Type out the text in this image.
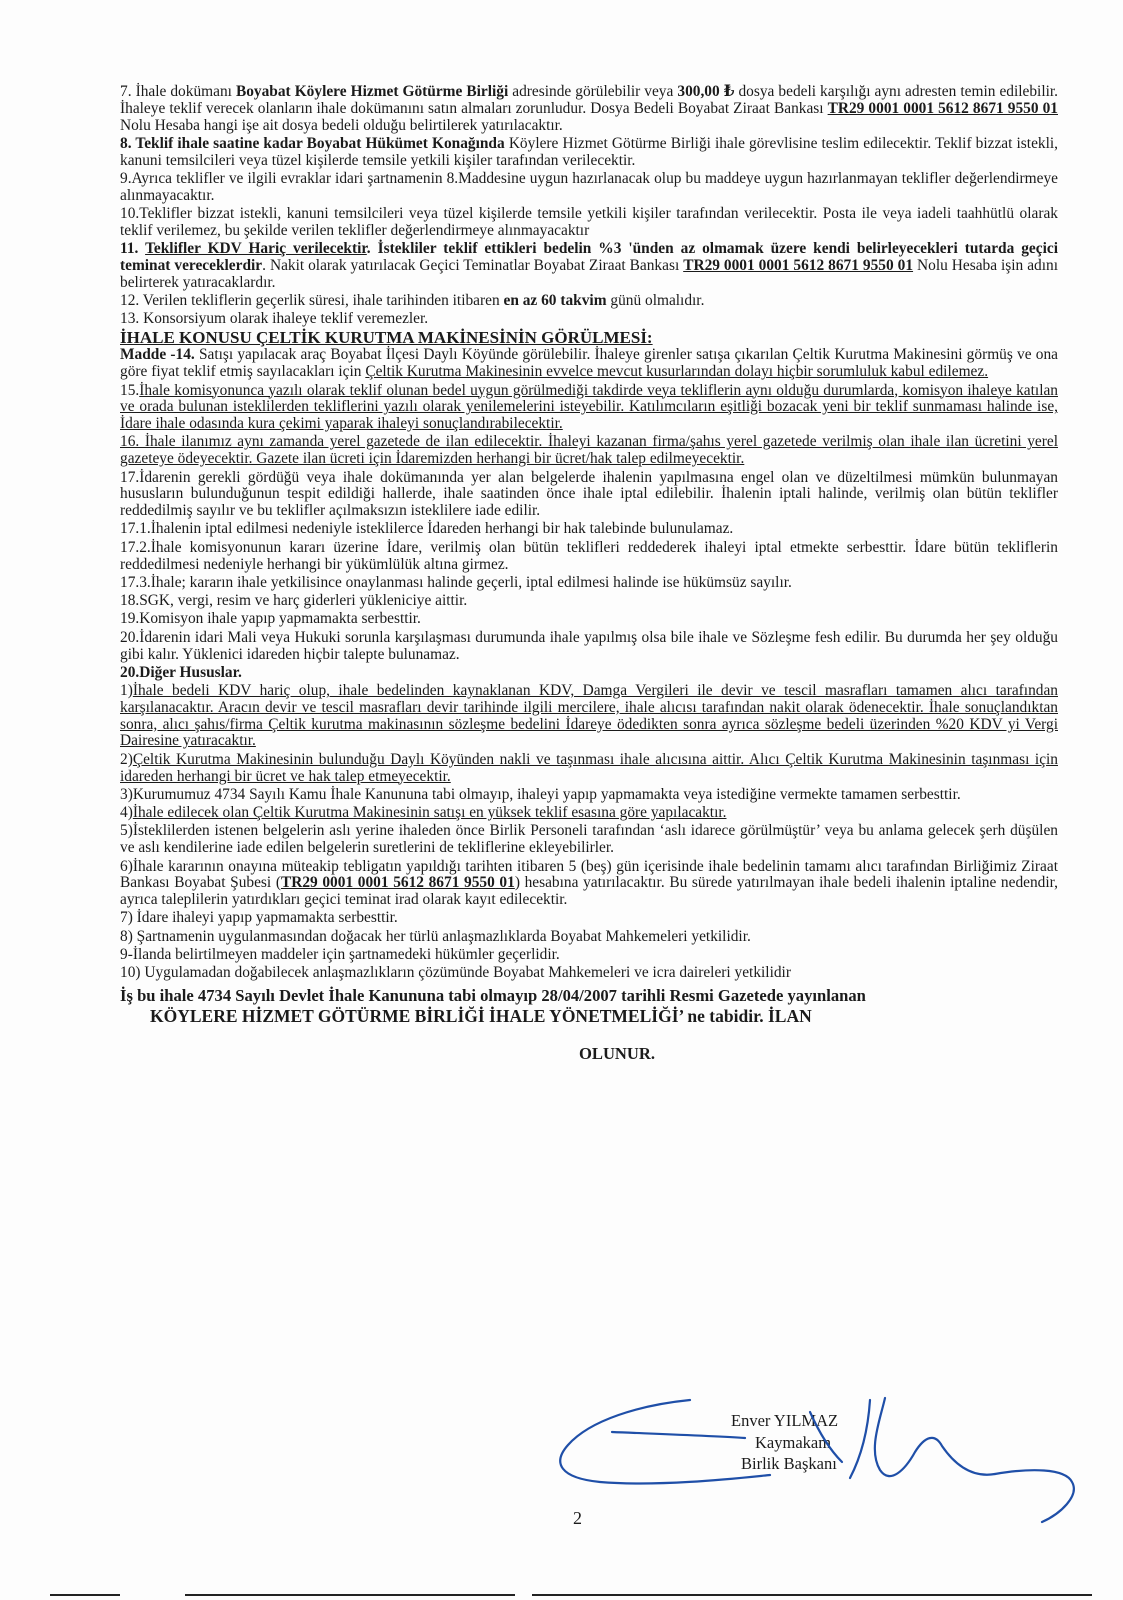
7. İhale dokümanı Boyabat Köylere Hizmet Götürme Birliği adresinde görülebilir veya 300,00 ₺ dosya bedeli karşılığı aynı adresten temin edilebilir. İhaleye teklif verecek olanların ihale dokümanını satın almaları zorunludur. Dosya Bedeli Boyabat Ziraat Bankası TR29 0001 0001 5612 8671 9550 01 Nolu Hesaba hangi işe ait dosya bedeli olduğu belirtilerek yatırılacaktır.

8. Teklif ihale saatine kadar Boyabat Hükümet Konağında Köylere Hizmet Götürme Birliği ihale görevlisine teslim edilecektir. Teklif bizzat istekli, kanuni temsilcileri veya tüzel kişilerde temsile yetkili kişiler tarafından verilecektir.

9.Ayrıca teklifler ve ilgili evraklar idari şartnamenin 8.Maddesine uygun hazırlanacak olup bu maddeye uygun hazırlanmayan teklifler değerlendirmeye alınmayacaktır.

10.Teklifler bizzat istekli, kanuni temsilcileri veya tüzel kişilerde temsile yetkili kişiler tarafından verilecektir. Posta ile veya iadeli taahhütlü olarak teklif verilemez, bu şekilde verilen teklifler değerlendirmeye alınmayacaktır

11. Teklifler KDV Hariç verilecektir. İstekliler teklif ettikleri bedelin %3 'ünden az olmamak üzere kendi belirleyecekleri tutarda geçici teminat vereceklerdir. Nakit olarak yatırılacak Geçici Teminatlar Boyabat Ziraat Bankası TR29 0001 0001 5612 8671 9550 01 Nolu Hesaba işin adını belirterek yatıracaklardır.

12. Verilen tekliflerin geçerlik süresi, ihale tarihinden itibaren en az 60 takvim günü olmalıdır.

13. Konsorsiyum olarak ihaleye teklif veremezler.

İHALE KONUSU ÇELTİK KURUTMA MAKİNESİNİN GÖRÜLMESİ:

Madde -14. Satışı yapılacak araç Boyabat İlçesi Daylı Köyünde görülebilir. İhaleye girenler satışa çıkarılan Çeltik Kurutma Makinesini görmüş ve ona göre fiyat teklif etmiş sayılacakları için Çeltik Kurutma Makinesinin evvelce mevcut kusurlarından dolayı hiçbir sorumluluk kabul edilemez.

15.İhale komisyonunca yazılı olarak teklif olunan bedel uygun görülmediği takdirde veya tekliflerin aynı olduğu durumlarda, komisyon ihaleye katılan ve orada bulunan isteklilerden tekliflerini yazılı olarak yenilemelerini isteyebilir. Katılımcıların eşitliği bozacak yeni bir teklif sunmaması halinde ise, İdare ihale odasında kura çekimi yaparak ihaleyi sonuçlandırabilecektir.

16. İhale ilanımız aynı zamanda yerel gazetede de ilan edilecektir. İhaleyi kazanan firma/şahıs yerel gazetede verilmiş olan ihale ilan ücretini yerel gazeteye ödeyecektir. Gazete ilan ücreti için İdaremizden herhangi bir ücret/hak talep edilmeyecektir.

17.İdarenin gerekli gördüğü veya ihale dokümanında yer alan belgelerde ihalenin yapılmasına engel olan ve düzeltilmesi mümkün bulunmayan hususların bulunduğunun tespit edildiği hallerde, ihale saatinden önce ihale iptal edilebilir. İhalenin iptali halinde, verilmiş olan bütün teklifler reddedilmiş sayılır ve bu teklifler açılmaksızın isteklilere iade edilir.

17.1.İhalenin iptal edilmesi nedeniyle isteklilerce İdareden herhangi bir hak talebinde bulunulamaz.

17.2.İhale komisyonunun kararı üzerine İdare, verilmiş olan bütün teklifleri reddederek ihaleyi iptal etmekte serbesttir. İdare bütün tekliflerin reddedilmesi nedeniyle herhangi bir yükümlülük altına girmez.

17.3.İhale; kararın ihale yetkilisince onaylanması halinde geçerli, iptal edilmesi halinde ise hükümsüz sayılır.

18.SGK, vergi, resim ve harç giderleri yükleniciye aittir.

19.Komisyon ihale yapıp yapmamakta serbesttir.

20.İdarenin idari Mali veya Hukuki sorunla karşılaşması durumunda ihale yapılmış olsa bile ihale ve Sözleşme fesh edilir. Bu durumda her şey olduğu gibi kalır. Yüklenici idareden hiçbir talepte bulunamaz.

20.Diğer Hususlar.

1)İhale bedeli KDV hariç olup, ihale bedelinden kaynaklanan KDV, Damga Vergileri ile devir ve tescil masrafları tamamen alıcı tarafından karşılanacaktır. Aracın devir ve tescil masrafları devir tarihinde ilgili mercilere, ihale alıcısı tarafından nakit olarak ödenecektir. İhale sonuçlandıktan sonra, alıcı şahıs/firma Çeltik kurutma makinasının sözleşme bedelini İdareye ödedikten sonra ayrıca sözleşme bedeli üzerinden %20 KDV yi Vergi Dairesine yatıracaktır.

2)Çeltik Kurutma Makinesinin bulunduğu Daylı Köyünden nakli ve taşınması ihale alıcısına aittir. Alıcı Çeltik Kurutma Makinesinin taşınması için idareden herhangi bir ücret ve hak talep etmeyecektir.

3)Kurumumuz 4734 Sayılı Kamu İhale Kanununa tabi olmayıp, ihaleyi yapıp yapmamakta veya istediğine vermekte tamamen serbesttir.

4)İhale edilecek olan Çeltik Kurutma Makinesinin satışı en yüksek teklif esasına göre yapılacaktır.

5)İsteklilerden istenen belgelerin aslı yerine ihaleden önce Birlik Personeli tarafından ‘aslı idarece görülmüştür’ veya bu anlama gelecek şerh düşülen ve aslı kendilerine iade edilen belgelerin suretlerini de tekliflerine ekleyebilirler.

6)İhale kararının onayına müteakip tebligatın yapıldığı tarihten itibaren 5 (beş) gün içerisinde ihale bedelinin tamamı alıcı tarafından Birliğimiz Ziraat Bankası Boyabat Şubesi (TR29 0001 0001 5612 8671 9550 01) hesabına yatırılacaktır. Bu sürede yatırılmayan ihale bedeli ihalenin iptaline nedendir, ayrıca taleplilerin yatırdıkları geçici teminat irad olarak kayıt edilecektir.

7) İdare ihaleyi yapıp yapmamakta serbesttir.

8) Şartnamenin uygulanmasından doğacak her türlü anlaşmazlıklarda Boyabat Mahkemeleri yetkilidir.

9-İlanda belirtilmeyen maddeler için şartnamedeki hükümler geçerlidir.

10) Uygulamadan doğabilecek anlaşmazlıkların çözümünde Boyabat Mahkemeleri ve icra daireleri yetkilidir

İş bu ihale 4734 Sayılı Devlet İhale Kanununa tabi olmayıp 28/04/2007 tarihli Resmi Gazetede yayınlanan
KÖYLERE HİZMET GÖTÜRME BİRLİĞİ İHALE YÖNETMELİĞİ’ ne tabidir. İLAN

OLUNUR.

Enver YILMAZ
Kaymakam
Birlik Başkanı
2
